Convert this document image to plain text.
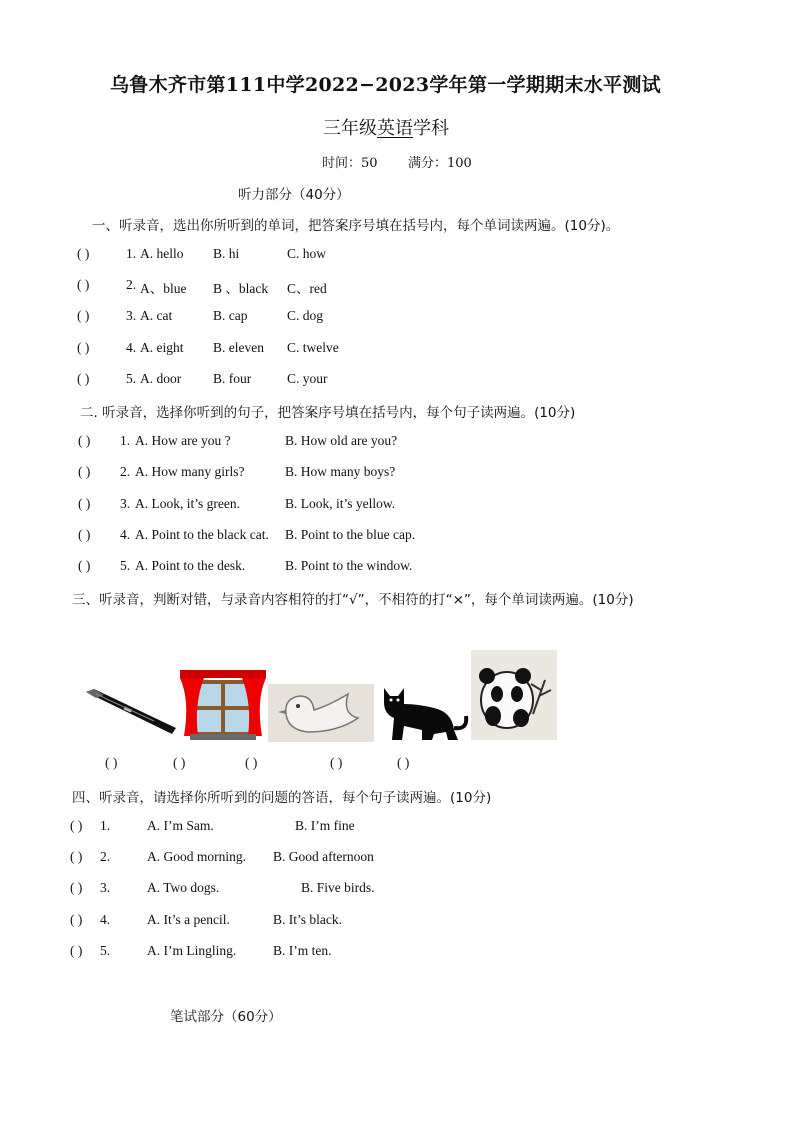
乌鲁木齐市第111中学2022−2023学年第一学期期末水平测试
三年级英语学科
时间：50 满分：100
听力部分（40分）
一、听录音，选出你所听到的单词，把答案序号填在括号内，每个单词读两遍。(10分)。
( )	1. A. hello B. hi	C. how
( )	2. A、blue B 、black C、red
( )	3. A. cat	B. cap	C. dog
( )	4. A. eight B. eleven C. twelve
( )	5. A. door B. four	C. your
二. 听录音，选择你听到的句子，把答案序号填在括号内，每个句子读两遍。(10分)
( ) 1. A. How are you ?	B. How old are you?
( ) 2. A. How many girls?	B. How many boys?
( ) 3. A. Look, it’s green.	B. Look, it’s yellow.
( ) 4. A. Point to the black cat. B. Point to the blue cap.
( ) 5. A. Point to the desk.	B. Point to the window.
三、听录音，判断对错，与录音内容相符的打“√”，不相符的打“×”，每个单词读两遍。(10分)
( )	( )	( )	( )	( )
四、听录音，请选择你所听到的问题的答语，每个句子读两遍。(10分)
( ) 1.	A. I’m Sam.	B. I’m fine
( ) 2.	A. Good morning. B. Good afternoon
( ) 3.	A. Two dogs.	B. Five birds.
( ) 4.	A. It’s a pencil.	B. It’s black.
( ) 5.	A. I’m Lingling.	B. I’m ten.
笔试部分（60分）
